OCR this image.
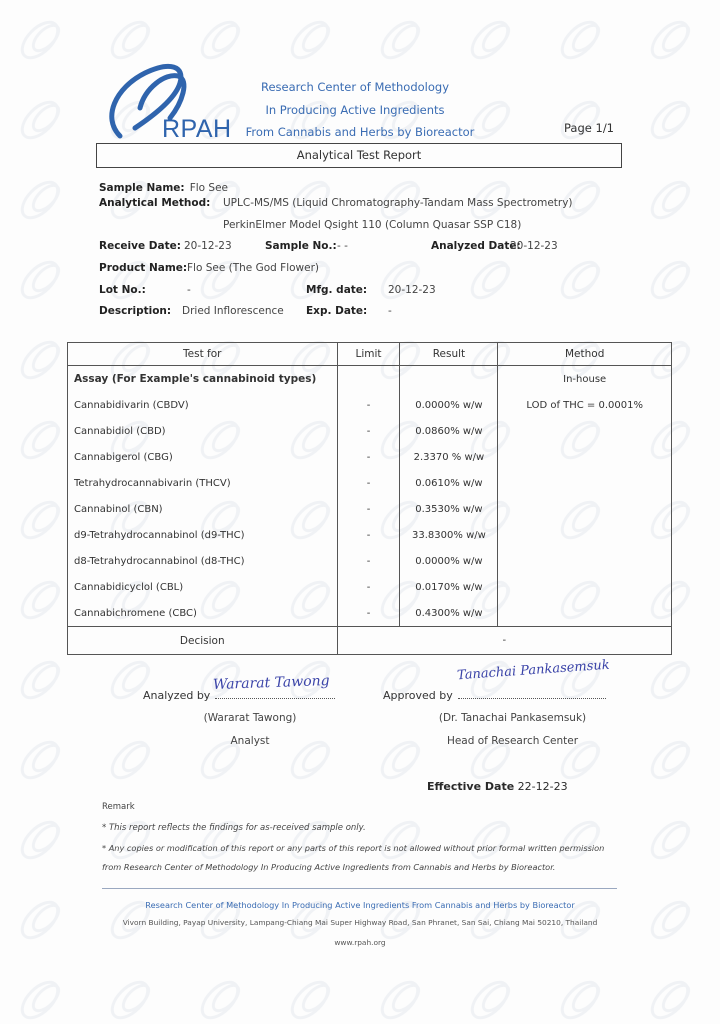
RPAH
Research Center of Methodology
In Producing Active Ingredients
From Cannabis and Herbs by Bioreactor	Page 1/1
Analytical Test Report
Sample Name: Flo See
Analytical Method: UPLC-MS/MS (Liquid Chromatography-Tandam Mass Spectrometry)
PerkinElmer Model Qsight 110 (Column Quasar SSP C18)
Receive Date: 20-12-23	Sample No.: - -	Analyzed Date:
20-12-23
Product Name: Flo See (The God Flower)
Lot No.:	-	Mfg. date: 20-12-23
Description: Dried Inflorescence Exp. Date: -
Test for	Limit	Result	Method
Assay (For Example's cannabinoid types)			In-house
Cannabidivarin (CBDV)	-	0.0000% w/w	LOD of THC = 0.0001%
Cannabidiol (CBD)	-	0.0860% w/w	
Cannabigerol (CBG)	-	2.3370 % w/w	
Tetrahydrocannabivarin (THCV)	-	0.0610% w/w	
Cannabinol (CBN)	-	0.3530% w/w	
d9-Tetrahydrocannabinol (d9-THC)	-	33.8300% w/w	
d8-Tetrahydrocannabinol (d8-THC)	-	0.0000% w/w	
Cannabidicyclol (CBL)	-	0.0170% w/w	
Cannabichromene (CBC)	-	0.4300% w/w	
Decision	-		
Analyzed by
Wararat Tawong
(Wararat Tawong)
Analyst
Approved by
Tanachai Pankasemsuk
(Dr. Tanachai Pankasemsuk)
Head of Research Center
Effective Date 22-12-23
Remark
* This report reflects the findings for as-received sample only.
* Any copies or modification of this report or any parts of this report is not allowed without prior formal written permission
from Research Center of Methodology In Producing Active Ingredients from Cannabis and Herbs by Bioreactor.
Research Center of Methodology In Producing Active Ingredients From Cannabis and Herbs by Bioreactor
Vivorn Building, Payap University, Lampang-Chiang Mai Super Highway Road, San Phranet, San Sai, Chiang Mai 50210, Thailand
www.rpah.org
